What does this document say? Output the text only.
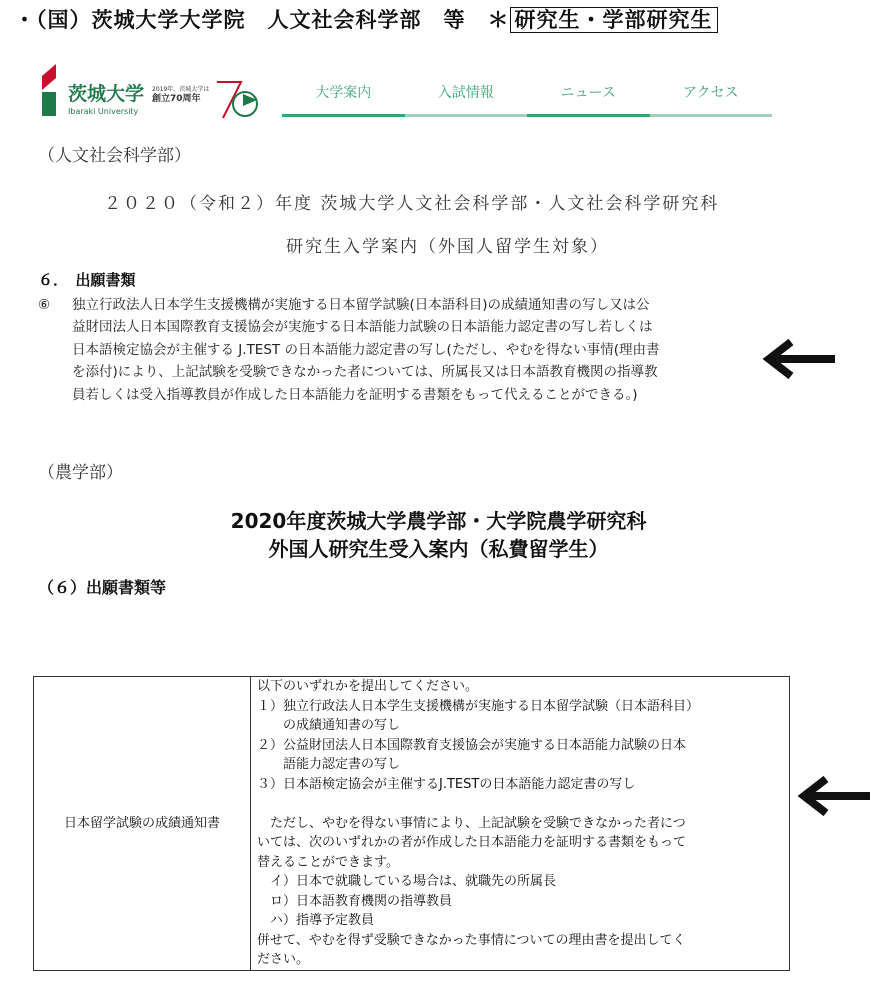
・（国）茨城大学大学院　人文社会科学部　等　＊ 研究生・学部研究生
茨城大学
Ibaraki University
2019年、茨城大学は
創立70周年	大学案内	入試情報	ニュース	アクセス
（人文社会科学部）
２０２０（令和２）年度 茨城大学人文社会科学部・人文社会科学研究科
研究生入学案内（外国人留学生対象）
６．　出願書類
⑥	独立行政法人日本学生支援機構が実施する日本留学試験(日本語科目)の成績通知書の写し又は公
益財団法人日本国際教育支援協会が実施する日本語能力試験の日本語能力認定書の写し若しくは
日本語検定協会が主催する J.TEST の日本語能力認定書の写し(ただし、やむを得ない事情(理由書
を添付)により、上記試験を受験できなかった者については、所属長又は日本語教育機関の指導教
員若しくは受入指導教員が作成した日本語能力を証明する書類をもって代えることができる。)
（農学部）
2020年度茨城大学農学部・大学院農学研究科
外国人研究生受入案内（私費留学生）
（６）出願書類等
日本留学試験の成績通知書	
以下のいずれかを提出してください。
１）独立行政法人日本学生支援機構が実施する日本留学試験（日本語科目）
　　の成績通知書の写し
２）公益財団法人日本国際教育支援協会が実施する日本語能力試験の日本
　　語能力認定書の写し
３）日本語検定協会が主催するJ.TESTの日本語能力認定書の写し
　ただし、やむを得ない事情により、上記試験を受験できなかった者につ
いては、次のいずれかの者が作成した日本語能力を証明する書類をもって
替えることができます。
　イ）日本で就職している場合は、就職先の所属長
　ロ）日本語教育機関の指導教員
　ハ）指導予定教員
併せて、やむを得ず受験できなかった事情についての理由書を提出してく
ださい。
